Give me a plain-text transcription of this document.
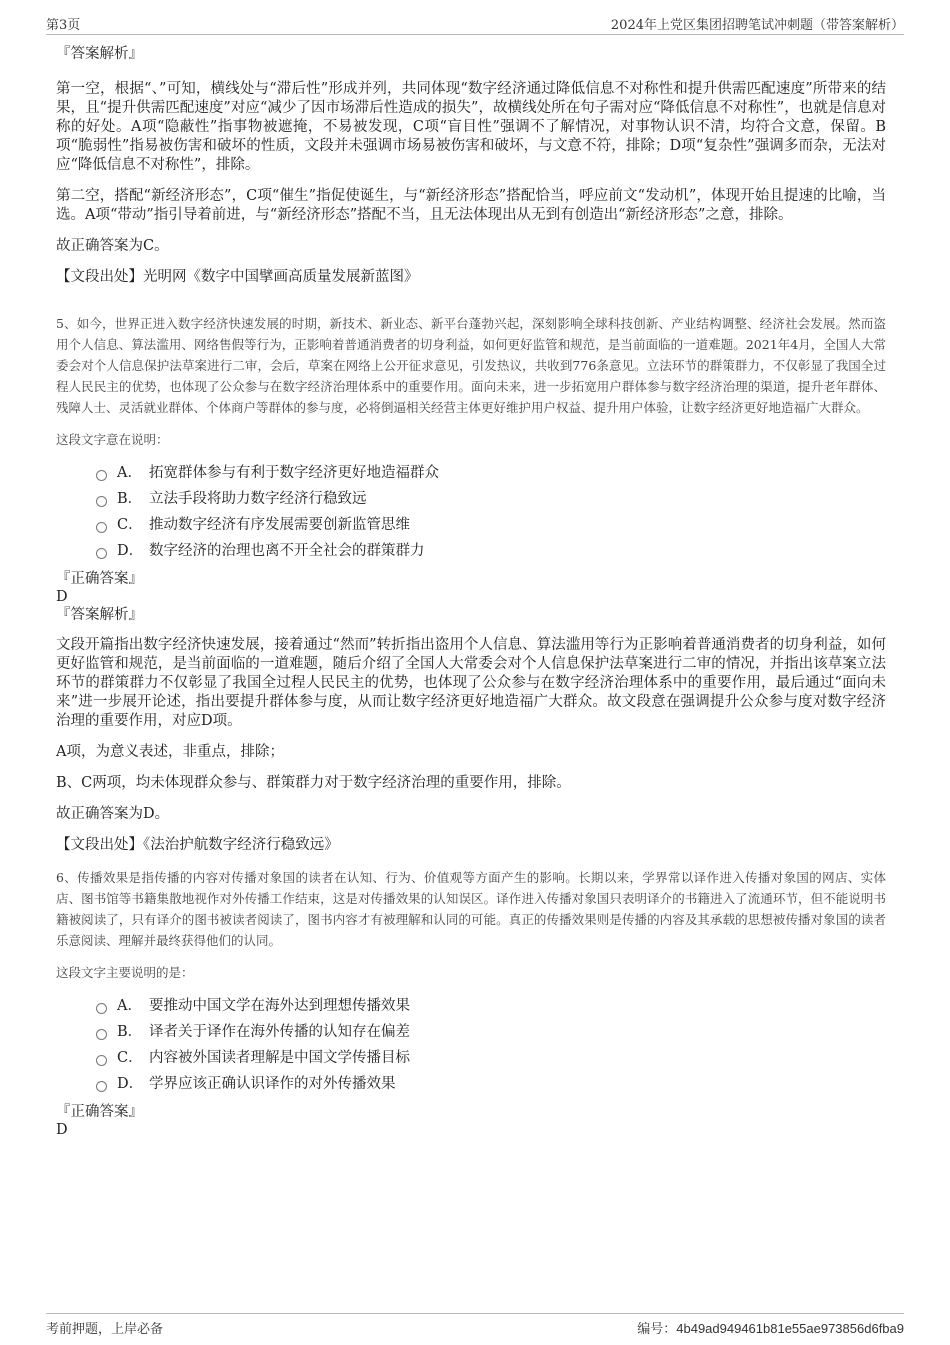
第3页	2024年上党区集团招聘笔试冲刺题（带答案解析）

『答案解析』

第一空，根据“、”可知，横线处与“滞后性”形成并列，共同体现“数字经济通过降低信息不对称性和提升供需匹配速度”所带来的结果，且“提升供需匹配速度”对应“减少了因市场滞后性造成的损失”，故横线处所在句子需对应“降低信息不对称性”，也就是信息对称的好处。A项“隐蔽性”指事物被遮掩，不易被发现，C项“盲目性”强调不了解情况，对事物认识不清，均符合文意，保留。B项“脆弱性”指易被伤害和破坏的性质，文段并未强调市场易被伤害和破坏，与文意不符，排除；D项“复杂性”强调多而杂，无法对应“降低信息不对称性”，排除。

第二空，搭配“新经济形态”，C项“催生”指促使诞生，与“新经济形态”搭配恰当，呼应前文“发动机”，体现开始且提速的比喻，当选。A项“带动”指引导着前进，与“新经济形态”搭配不当，且无法体现出从无到有创造出“新经济形态”之意，排除。

故正确答案为C。

【文段出处】光明网《数字中国擘画高质量发展新蓝图》

5、如今，世界正进入数字经济快速发展的时期，新技术、新业态、新平台蓬勃兴起，深刻影响全球科技创新、产业结构调整、经济社会发展。然而盗用个人信息、算法滥用、网络售假等行为，正影响着普通消费者的切身利益，如何更好监管和规范，是当前面临的一道难题。2021年4月，全国人大常委会对个人信息保护法草案进行二审，会后，草案在网络上公开征求意见，引发热议，共收到776条意见。立法环节的群策群力，不仅彰显了我国全过程人民民主的优势，也体现了公众参与在数字经济治理体系中的重要作用。面向未来，进一步拓宽用户群体参与数字经济治理的渠道，提升老年群体、残障人士、灵活就业群体、个体商户等群体的参与度，必将倒逼相关经营主体更好维护用户权益、提升用户体验，让数字经济更好地造福广大群众。

这段文字意在说明：

A． 拓宽群体参与有利于数字经济更好地造福群众
B． 立法手段将助力数字经济行稳致远
C． 推动数字经济有序发展需要创新监管思维
D． 数字经济的治理也离不开全社会的群策群力

『正确答案』

D

『答案解析』

文段开篇指出数字经济快速发展，接着通过“然而”转折指出盗用个人信息、算法滥用等行为正影响着普通消费者的切身利益，如何更好监管和规范，是当前面临的一道难题，随后介绍了全国人大常委会对个人信息保护法草案进行二审的情况，并指出该草案立法环节的群策群力不仅彰显了我国全过程人民民主的优势，也体现了公众参与在数字经济治理体系中的重要作用，最后通过“面向未来”进一步展开论述，指出要提升群体参与度，从而让数字经济更好地造福广大群众。故文段意在强调提升公众参与度对数字经济治理的重要作用，对应D项。

A项，为意义表述，非重点，排除；

B、C两项，均未体现群众参与、群策群力对于数字经济治理的重要作用，排除。

故正确答案为D。

【文段出处】《法治护航数字经济行稳致远》

6、传播效果是指传播的内容对传播对象国的读者在认知、行为、价值观等方面产生的影响。长期以来，学界常以译作进入传播对象国的网店、实体店、图书馆等书籍集散地视作对外传播工作结束，这是对传播效果的认知误区。译作进入传播对象国只表明译介的书籍进入了流通环节，但不能说明书籍被阅读了，只有译介的图书被读者阅读了，图书内容才有被理解和认同的可能。真正的传播效果则是传播的内容及其承载的思想被传播对象国的读者乐意阅读、理解并最终获得他们的认同。

这段文字主要说明的是：

A． 要推动中国文学在海外达到理想传播效果
B． 译者关于译作在海外传播的认知存在偏差
C． 内容被外国读者理解是中国文学传播目标
D． 学界应该正确认识译作的对外传播效果

『正确答案』

D

考前押题，上岸必备	编号：4b49ad949461b81e55ae973856d6fba9
